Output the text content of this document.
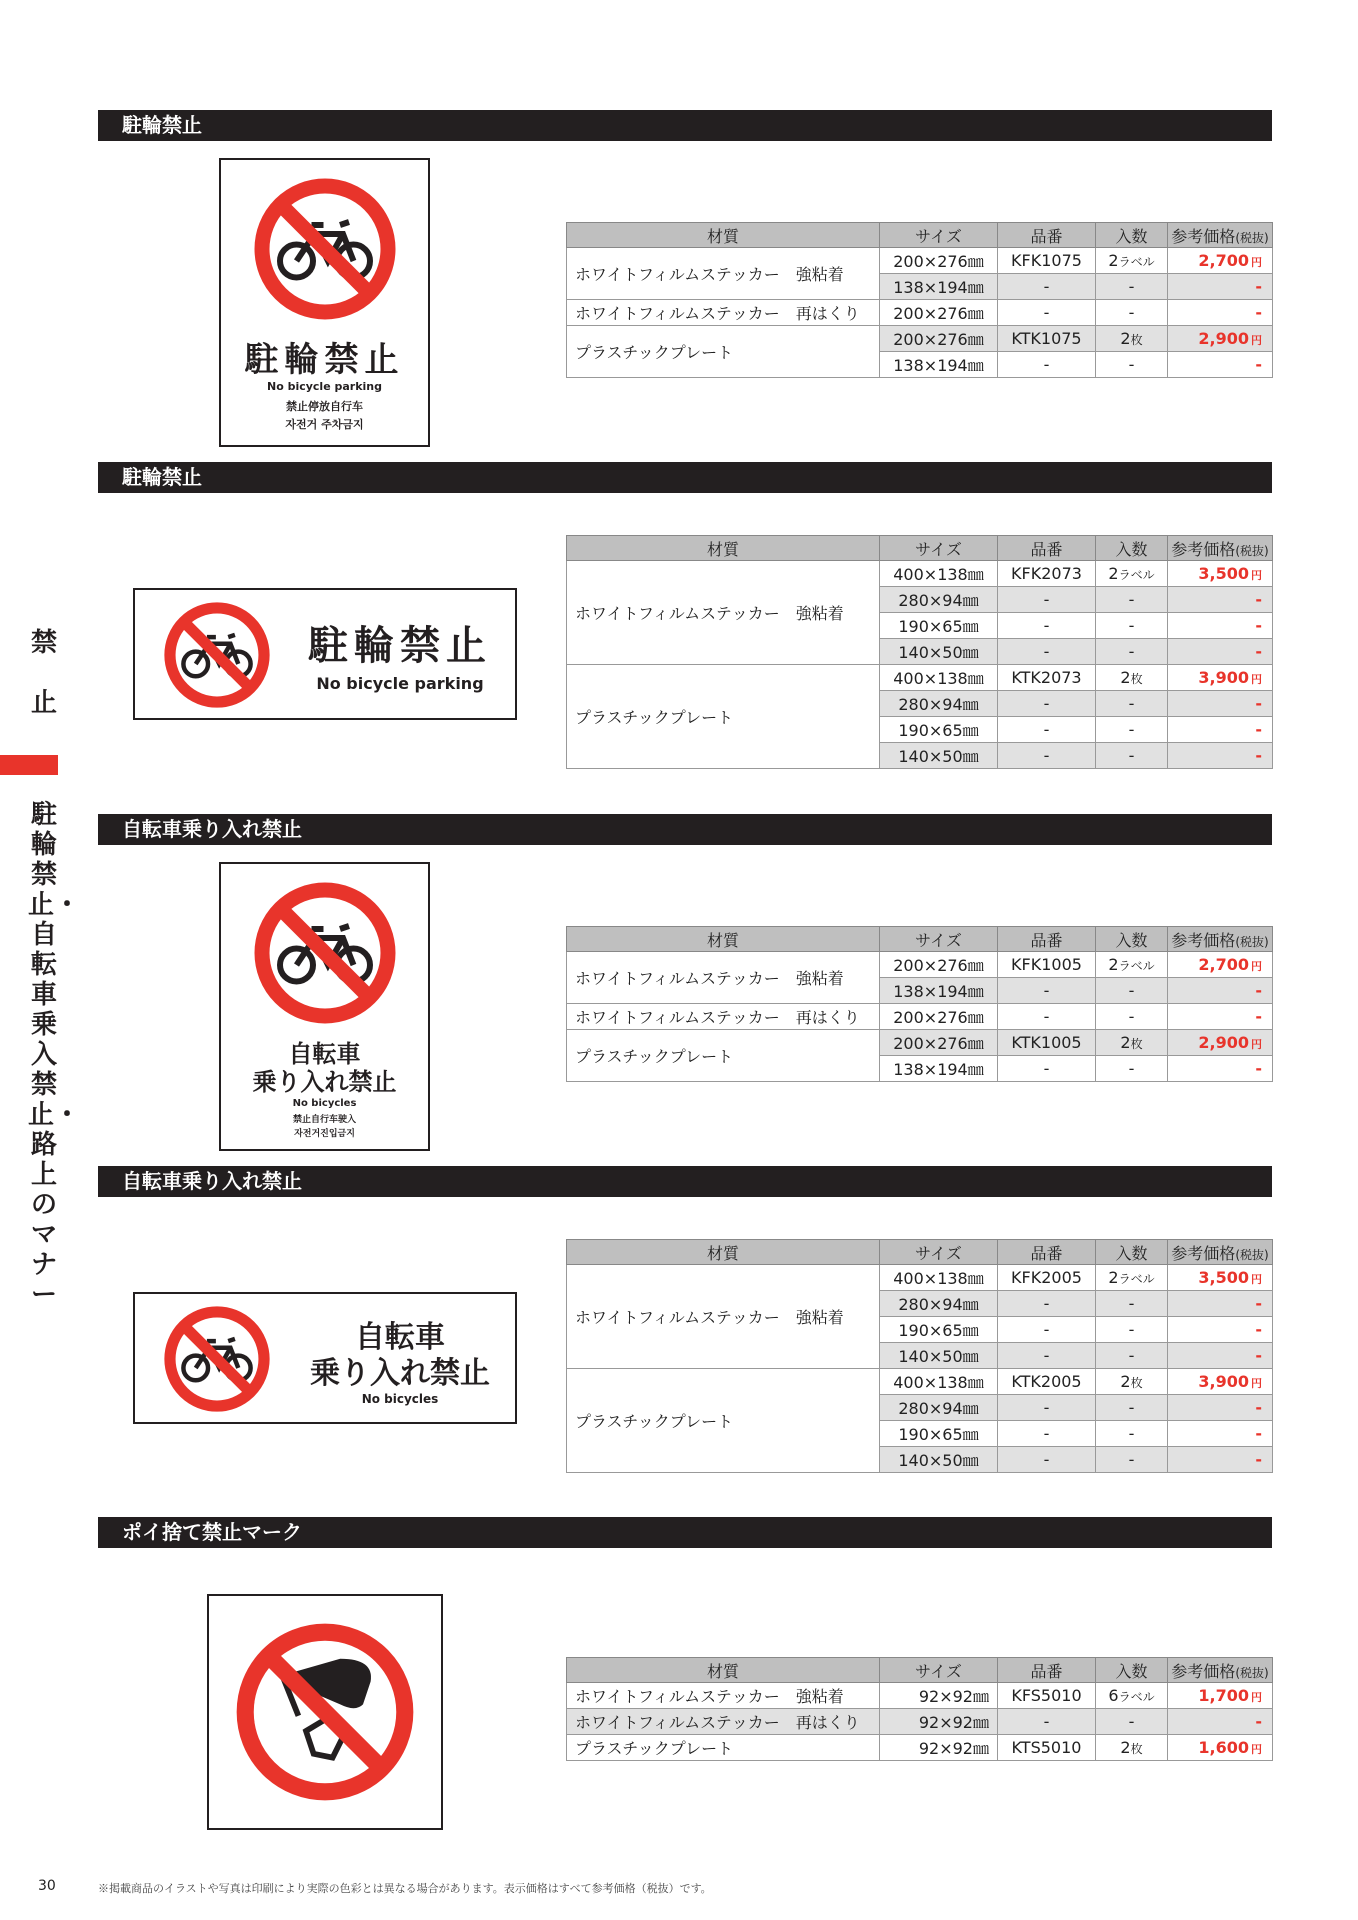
禁
止
駐輪禁止・自転車乗入禁止・路上のマナー
駐輪禁止
駐輪禁止
No bicycle parking
禁止停放自行车
자전거 주차금지
材質	サイズ	品番	入数	参考価格(税抜)
ホワイトフィルムステッカー　強粘着	200×276㎜	KFK1075	2ラベル	2,700 円
	138×194㎜	-	-	-
ホワイトフィルムステッカー　再はくり	200×276㎜	-	-	-
プラスチックプレート	200×276㎜	KTK1075	2枚	2,900 円
	138×194㎜	-	-	-
駐輪禁止
駐輪禁止
No bicycle parking
材質	サイズ	品番	入数	参考価格(税抜)
ホワイトフィルムステッカー　強粘着	400×138㎜	KFK2073	2ラベル	3,500 円
	280×94㎜	-	-	-
	190×65㎜	-	-	-
	140×50㎜	-	-	-
プラスチックプレート	400×138㎜	KTK2073	2枚	3,900 円
	280×94㎜	-	-	-
	190×65㎜	-	-	-
	140×50㎜	-	-	-
自転車乗り入れ禁止
自転車
乗り入れ禁止
No bicycles
禁止自行车驶入
자전거진입금지
材質	サイズ	品番	入数	参考価格(税抜)
ホワイトフィルムステッカー　強粘着	200×276㎜	KFK1005	2ラベル	2,700 円
	138×194㎜	-	-	-
ホワイトフィルムステッカー　再はくり	200×276㎜	-	-	-
プラスチックプレート	200×276㎜	KTK1005	2枚	2,900 円
	138×194㎜	-	-	-
自転車乗り入れ禁止
自転車
乗り入れ禁止
No bicycles
材質	サイズ	品番	入数	参考価格(税抜)
ホワイトフィルムステッカー　強粘着	400×138㎜	KFK2005	2ラベル	3,500 円
	280×94㎜	-	-	-
	190×65㎜	-	-	-
	140×50㎜	-	-	-
プラスチックプレート	400×138㎜	KTK2005	2枚	3,900 円
	280×94㎜	-	-	-
	190×65㎜	-	-	-
	140×50㎜	-	-	-
ポイ捨て禁止マーク
材質	サイズ	品番	入数	参考価格(税抜)
ホワイトフィルムステッカー　強粘着	92×92㎜	KFS5010	6ラベル	1,700 円
ホワイトフィルムステッカー　再はくり	92×92㎜	-	-	-
プラスチックプレート	92×92㎜	KTS5010	2枚	1,600 円
30	※掲載商品のイラストや写真は印刷により実際の色彩とは異なる場合があります。表示価格はすべて参考価格（税抜）です。
